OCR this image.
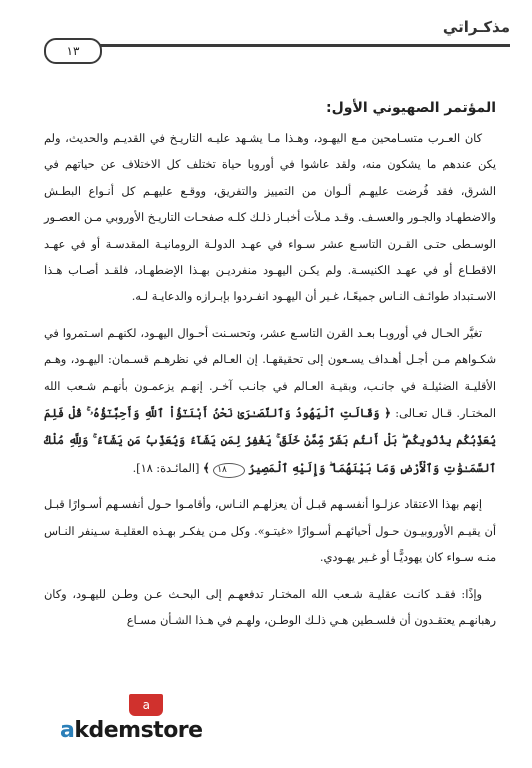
مذكـراتي
١٣
المؤتمر الصهيوني الأول:

كان العـرب متسـامحين مـع اليهـود، وهـذا مـا يشـهد عليـه التاريـخ في القديـم والحديث، ولم يكن عندهم ما يشكون منه، ولقد عاشوا في أوروبا حياة تختلف كل الاختلاف عن حياتهم في الشرق، فقد فُرضت عليهـم ألـوان من التمييز والتفريق، ووقـع عليهـم كل أنـواع البطـش والاضطهـاد والجـور والعسـف. وقـد مـلأت أخبـار ذلـك كلـه صفحـات التاريـخ الأوروبي مـن العصـور الوسـطى حتـى القـرن التاسـع عشر سـواء في عهـد الدولـة الرومانيـة المقدسـة أو في عهـد الاقطـاع أو في عهـد الكنيسـة. ولم يكـن اليهـود منفرديـن بهـذا الإضطهـاد، فلقـد أصـاب هـذا الاسـتبداد طوائـف النـاس جميعًـا، غـير أن اليهـود انفـردوا بإبـرازه والدعايـة لـه.

تغيَّر الحـال في أوروبـا بعـد القرن التاسـع عشر، وتحسـنت أحـوال اليهـود، لكنهـم اسـتمروا في شكـواهم مـن أجـل أهـداف يسـعون إلى تحقيقهـا. إن العـالم في نظرهـم قسـمان: اليهـود، وهـم الأقليـة الضئيلـة في جانـب، وبقيـة العـالم في جانـب آخـر. إنهـم يزعمـون بأنهـم شـعب الله المختـار. قـال تعـالى: ﴿ وَقَالَتِ ٱلْيَهُودُ وَٱلنَّصَـٰرَىٰ نَحْنُ أَبْنَـٰٓؤُاْ ٱللَّهِ وَأَحِبَّـٰٓؤُهُۥ ۚ قُلْ فَلِمَ يُعَذِّبُكُم بِذُنُوبِكُم ۖ بَلْ أَنتُم بَشَرٌ مِّمَّنْ خَلَقَ ۚ يَغْفِرُ لِمَن يَشَآءُ وَيُعَذِّبُ مَن يَشَآءُ ۚ وَلِلَّهِ مُلْكُ ٱلسَّمَـٰوَٰتِ وَٱلْأَرْضِ وَمَا بَيْنَهُمَا ۖ وَإِلَيْهِ ٱلْمَصِيرُ ١٨ ﴾ [المائـدة: ١٨].

إنهم بهذا الاعتقاد عزلـوا أنفسـهم قبـل أن يعزلهـم النـاس، وأقامـوا حـول أنفسـهم أسـوارًا قبـل أن يقيـم الأوروبيـون حـول أحيائهـم أسـوارًا «غيتـو». وكل مـن يفكـر بهـذه العقليـة سـينفر النـاس منـه سـواء كان يهوديًّـا أو غـير يهـودي.

وإذًا: فقـد كانـت عقليـة شـعب الله المختـار تدفعهـم إلى البحـث عـن وطـن لليهـود، وكان رهبانهـم يعتقـدون أن فلسـطين هـي ذلـك الوطـن، ولهـم في هـذا الشـأن مسـاع

a
akdemstore
